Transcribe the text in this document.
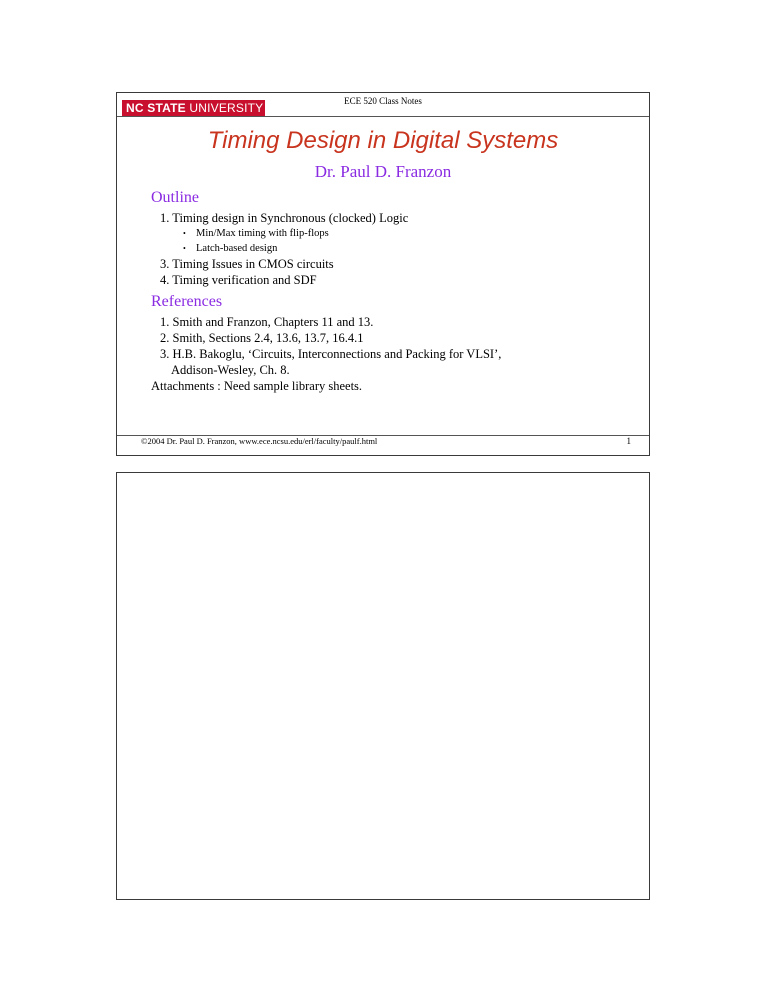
NC STATE UNIVERSITY	ECE 520 Class Notes
Timing Design in Digital Systems
Dr. Paul D. Franzon
Outline
1. Timing design in Synchronous (clocked) Logic
• Min/Max timing with flip-flops
• Latch-based design
3. Timing Issues in CMOS circuits
4. Timing verification and SDF
References
1. Smith and Franzon, Chapters 11 and 13.
2. Smith, Sections 2.4, 13.6, 13.7, 16.4.1
3. H.B. Bakoglu, ‘Circuits, Interconnections and Packing for VLSI’,
Addison-Wesley, Ch. 8.
Attachments : Need sample library sheets.
©2004 Dr. Paul D. Franzon, www.ece.ncsu.edu/erl/faculty/paulf.html	1
